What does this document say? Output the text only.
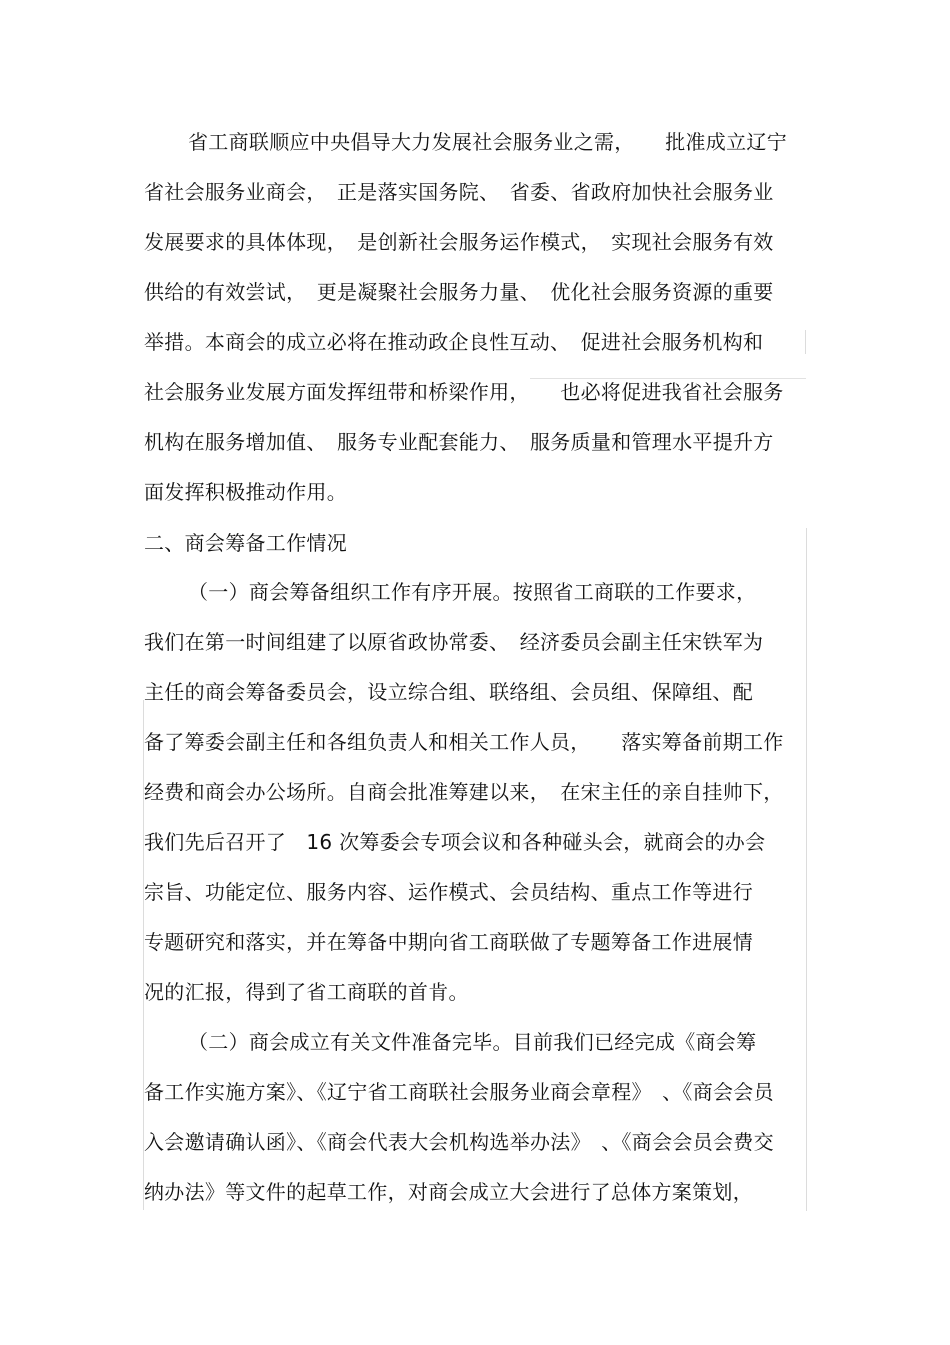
省工商联顺应中央倡导大力发展社会服务业之需，　　批准成立辽宁
省社会服务业商会，　正是落实国务院、　省委、省政府加快社会服务业
发展要求的具体体现，　是创新社会服务运作模式，　实现社会服务有效
供给的有效尝试，　更是凝聚社会服务力量、　优化社会服务资源的重要
举措。本商会的成立必将在推动政企良性互动、　促进社会服务机构和
社会服务业发展方面发挥纽带和桥梁作用，　　也必将促进我省社会服务
机构在服务增加值、　服务专业配套能力、　服务质量和管理水平提升方
面发挥积极推动作用。
二、商会筹备工作情况
（一）商会筹备组织工作有序开展。按照省工商联的工作要求，
我们在第一时间组建了以原省政协常委、　经济委员会副主任宋铁军为
主任的商会筹备委员会，设立综合组、联络组、会员组、保障组、配
备了筹委会副主任和各组负责人和相关工作人员，　　落实筹备前期工作
经费和商会办公场所。自商会批准筹建以来，　在宋主任的亲自挂帅下，
我们先后召开了　16 次筹委会专项会议和各种碰头会，就商会的办会
宗旨、功能定位、服务内容、运作模式、会员结构、重点工作等进行
专题研究和落实，并在筹备中期向省工商联做了专题筹备工作进展情
况的汇报，得到了省工商联的首肯。
（二）商会成立有关文件准备完毕。目前我们已经完成《商会筹
备工作实施方案》、《辽宁省工商联社会服务业商会章程》　、《商会会员
入会邀请确认函》、《商会代表大会机构选举办法》　、《商会会员会费交
纳办法》等文件的起草工作，对商会成立大会进行了总体方案策划，
